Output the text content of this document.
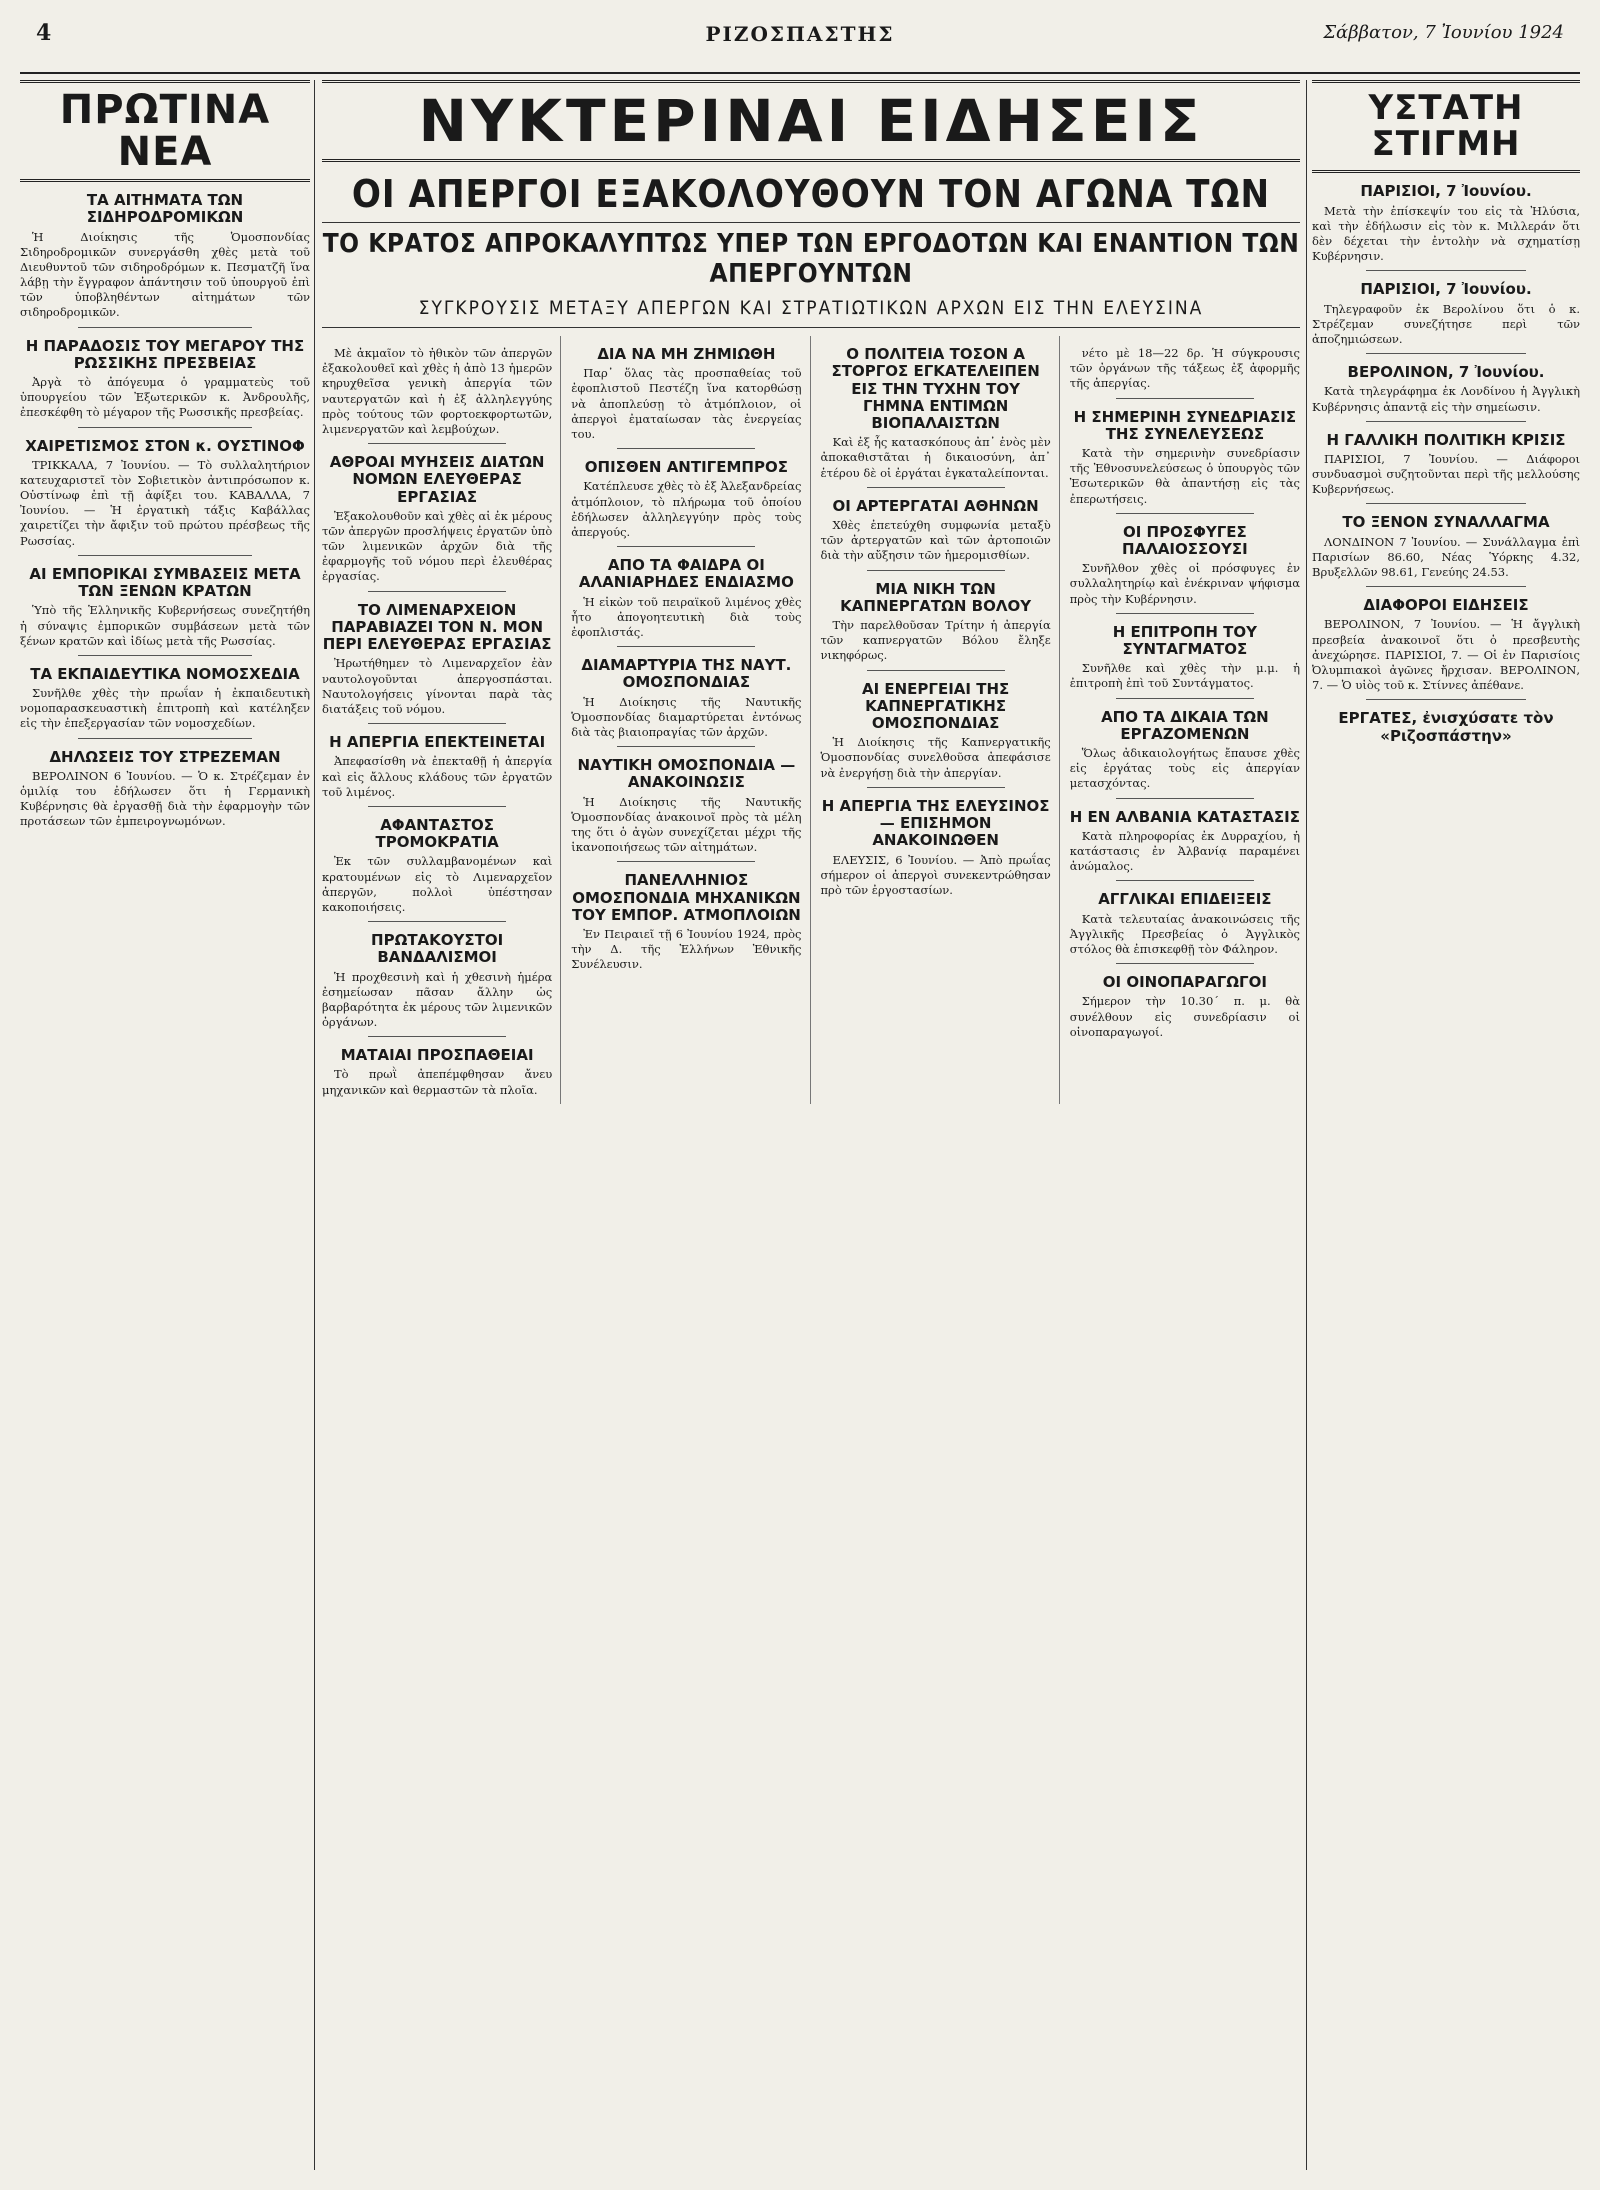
4	ΡΙΖΟΣΠΑΣΤΗΣ	Σάββατον, 7 Ἰουνίου 1924
ΠΡΩΤΙΝΑ ΝΕΑ
ΤΑ ΑΙΤΗΜΑΤΑ ΤΩΝ ΣΙΔΗΡΟΔΡΟΜΙΚΩΝ

Ἡ Διοίκησις τῆς Ὁμοσπονδίας Σιδηροδρομικῶν συνεργάσθη χθὲς μετὰ τοῦ Διευθυντοῦ τῶν σιδηροδρόμων κ. Πεσματζῆ ἵνα λάβῃ τὴν ἔγγραφον ἀπάντησιν τοῦ ὑπουργοῦ ἐπὶ τῶν ὑποβληθέντων αἰτημάτων τῶν σιδηροδρομικῶν.

Η ΠΑΡΑΔΟΣΙΣ ΤΟΥ ΜΕΓΑΡΟΥ ΤΗΣ ΡΩΣΣΙΚΗΣ ΠΡΕΣΒΕΙΑΣ

Ἀργὰ τὸ ἀπόγευμα ὁ γραμματεὺς τοῦ ὑπουργείου τῶν Ἐξωτερικῶν κ. Ἀνδρουλῆς, ἐπεσκέφθη τὸ μέγαρον τῆς Ρωσσικῆς πρεσβείας.

ΧΑΙΡΕΤΙΣΜΟΣ ΣΤΟΝ κ. ΟΥΣΤΙΝΟΦ

ΤΡΙΚΚΑΛΑ, 7 Ἰουνίου. — Τὸ συλλαλητήριον κατευχαριστεῖ τὸν Σοβιετικὸν ἀντιπρόσωπον κ. Οὐστίνωφ ἐπὶ τῇ ἀφίξει του. ΚΑΒΑΛΛΑ, 7 Ἰουνίου. — Ἡ ἐργατικὴ τάξις Καβάλλας χαιρετίζει τὴν ἄφιξιν τοῦ πρώτου πρέσβεως τῆς Ρωσσίας.

ΑΙ ΕΜΠΟΡΙΚΑΙ ΣΥΜΒΑΣΕΙΣ ΜΕΤΑ ΤΩΝ ΞΕΝΩΝ ΚΡΑΤΩΝ

Ὑπὸ τῆς Ἑλληνικῆς Κυβερνήσεως συνεζητήθη ἡ σύναψις ἐμπορικῶν συμβάσεων μετὰ τῶν ξένων κρατῶν καὶ ἰδίως μετὰ τῆς Ρωσσίας.

ΤΑ ΕΚΠΑΙΔΕΥΤΙΚΑ ΝΟΜΟΣΧΕΔΙΑ

Συνῆλθε χθὲς τὴν πρωΐαν ἡ ἐκπαιδευτικὴ νομοπαρασκευαστικὴ ἐπιτροπὴ καὶ κατέληξεν εἰς τὴν ἐπεξεργασίαν τῶν νομοσχεδίων.

ΔΗΛΩΣΕΙΣ ΤΟΥ ΣΤΡΕΖΕΜΑΝ

ΒΕΡΟΛΙΝΟΝ 6 Ἰουνίου. — Ὁ κ. Στρέζεμαν ἐν ὁμιλίᾳ του ἐδήλωσεν ὅτι ἡ Γερμανικὴ Κυβέρνησις θὰ ἐργασθῇ διὰ τὴν ἐφαρμογὴν τῶν προτάσεων τῶν ἐμπειρογνωμόνων.

ΝΥΚΤΕΡΙΝΑΙ ΕΙΔΗΣΕΙΣ
ΟΙ ΑΠΕΡΓΟΙ ΕΞΑΚΟΛΟΥΘΟΥΝ ΤΟΝ ΑΓΩΝΑ ΤΩΝ
ΤΟ ΚΡΑΤΟΣ ΑΠΡΟΚΑΛΥΠΤΩΣ ΥΠΕΡ ΤΩΝ ΕΡΓΟΔΟΤΩΝ ΚΑΙ ΕΝΑΝΤΙΟΝ ΤΩΝ ΑΠΕΡΓΟΥΝΤΩΝ
ΣΥΓΚΡΟΥΣΙΣ ΜΕΤΑΞΥ ΑΠΕΡΓΩΝ ΚΑΙ ΣΤΡΑΤΙΩΤΙΚΩΝ ΑΡΧΩΝ ΕΙΣ ΤΗΝ ΕΛΕΥΣΙΝΑ

Μὲ ἀκμαῖον τὸ ἠθικὸν τῶν ἀπεργῶν ἐξακολουθεῖ καὶ χθὲς ἡ ἀπὸ 13 ἡμερῶν κηρυχθεῖσα γενικὴ ἀπεργία τῶν ναυτεργατῶν καὶ ἡ ἐξ ἀλληλεγγύης πρὸς τούτους τῶν φορτοεκφορτωτῶν, λιμενεργατῶν καὶ λεμβούχων.

ΑΘΡΟΑΙ ΜΥΗΣΕΙΣ ΔΙΑΤΩΝ ΝΟΜΩΝ ΕΛΕΥΘΕΡΑΣ ΕΡΓΑΣΙΑΣ

Ἐξακολουθοῦν καὶ χθὲς αἱ ἐκ μέρους τῶν ἀπεργῶν προσλήψεις ἐργατῶν ὑπὸ τῶν λιμενικῶν ἀρχῶν διὰ τῆς ἐφαρμογῆς τοῦ νόμου περὶ ἐλευθέρας ἐργασίας.

ΤΟ ΛΙΜΕΝΑΡΧΕΙΟΝ ΠΑΡΑΒΙΑΖΕΙ ΤΟΝ Ν. ΜΟΝ ΠΕΡΙ ΕΛΕΥΘΕΡΑΣ ΕΡΓΑΣΙΑΣ

Ἠρωτήθημεν τὸ Λιμεναρχεῖον ἐὰν ναυτολογοῦνται ἀπεργοσπάσται. Ναυτολογήσεις γίνονται παρὰ τὰς διατάξεις τοῦ νόμου.

Η ΑΠΕΡΓΙΑ ΕΠΕΚΤΕΙΝΕΤΑΙ

Ἀπεφασίσθη νὰ ἐπεκταθῇ ἡ ἀπεργία καὶ εἰς ἄλλους κλάδους τῶν ἐργατῶν τοῦ λιμένος.

ΑΦΑΝΤΑΣΤΟΣ ΤΡΟΜΟΚΡΑΤΙΑ

Ἐκ τῶν συλλαμβανομένων καὶ κρατουμένων εἰς τὸ Λιμεναρχεῖον ἀπεργῶν, πολλοὶ ὑπέστησαν κακοποιήσεις.

ΠΡΩΤΑΚΟΥΣΤΟΙ ΒΑΝΔΑΛΙΣΜΟΙ

Ἡ προχθεσινὴ καὶ ἡ χθεσινὴ ἡμέρα ἐσημείωσαν πᾶσαν ἄλλην ὡς βαρβαρότητα ἐκ μέρους τῶν λιμενικῶν ὀργάνων.

ΜΑΤΑΙΑΙ ΠΡΟΣΠΑΘΕΙΑΙ

Τὸ πρωῒ ἀπεπέμφθησαν ἄνευ μηχανικῶν καὶ θερμαστῶν τὰ πλοῖα.

ΔΙΑ ΝΑ ΜΗ ΖΗΜΙΩΘΗ

Παρ᾽ ὅλας τὰς προσπαθείας τοῦ ἐφοπλιστοῦ Πεστέζη ἵνα κατορθώσῃ νὰ ἀποπλεύσῃ τὸ ἀτμόπλοιον, οἱ ἀπεργοὶ ἐματαίωσαν τὰς ἐνεργείας του.

ΟΠΙΣΘΕΝ ΑΝΤΙΓΕΜΠΡΟΣ

Κατέπλευσε χθὲς τὸ ἐξ Ἀλεξανδρείας ἀτμόπλοιον, τὸ πλήρωμα τοῦ ὁποίου ἐδήλωσεν ἀλληλεγγύην πρὸς τοὺς ἀπεργούς.

ΑΠΟ ΤΑ ΦΑΙΔΡΑ ΟΙ ΑΛΑΝΙΑΡΗΔΕΣ ΕΝΔΙΑΣΜΟ

Ἡ εἰκὼν τοῦ πειραϊκοῦ λιμένος χθὲς ἦτο ἀπογοητευτικὴ διὰ τοὺς ἐφοπλιστάς.

ΔΙΑΜΑΡΤΥΡΙΑ ΤΗΣ ΝΑΥΤ. ΟΜΟΣΠΟΝΔΙΑΣ

Ἡ Διοίκησις τῆς Ναυτικῆς Ὁμοσπονδίας διαμαρτύρεται ἐντόνως διὰ τὰς βιαιοπραγίας τῶν ἀρχῶν.

ΝΑΥΤΙΚΗ ΟΜΟΣΠΟΝΔΙΑ — ΑΝΑΚΟΙΝΩΣΙΣ

Ἡ Διοίκησις τῆς Ναυτικῆς Ὁμοσπονδίας ἀνακοινοῖ πρὸς τὰ μέλη της ὅτι ὁ ἀγὼν συνεχίζεται μέχρι τῆς ἱκανοποιήσεως τῶν αἰτημάτων.

ΠΑΝΕΛΛΗΝΙΟΣ ΟΜΟΣΠΟΝΔΙΑ ΜΗΧΑΝΙΚΩΝ ΤΟΥ ΕΜΠΟΡ. ΑΤΜΟΠΛΟΙΩΝ

Ἐν Πειραιεῖ τῇ 6 Ἰουνίου 1924, πρὸς τὴν Δ. τῆς Ἑλλήνων Ἐθνικῆς Συνέλευσιν.

Ο ΠΟΛΙΤΕΙΑ ΤΟΣΟΝ Α ΣΤΟΡΓΟΣ ΕΓΚΑΤΕΛΕΙΠΕΝ ΕΙΣ ΤΗΝ ΤΥΧΗΝ ΤΟΥ ΓΗΜΝΑ ΕΝΤΙΜΩΝ ΒΙΟΠΑΛΑΙΣΤΩΝ

Καὶ ἐξ ἧς κατασκόπους ἀπ᾽ ἐνὸς μὲν ἀποκαθιστᾶται ἡ δικαιοσύνη, ἀπ᾽ ἑτέρου δὲ οἱ ἐργάται ἐγκαταλείπονται.

ΟΙ ΑΡΤΕΡΓΑΤΑΙ ΑΘΗΝΩΝ

Χθὲς ἐπετεύχθη συμφωνία μεταξὺ τῶν ἀρτεργατῶν καὶ τῶν ἀρτοποιῶν διὰ τὴν αὔξησιν τῶν ἡμερομισθίων.

ΜΙΑ ΝΙΚΗ ΤΩΝ ΚΑΠΝΕΡΓΑΤΩΝ ΒΟΛΟΥ

Τὴν παρελθοῦσαν Τρίτην ἡ ἀπεργία τῶν καπνεργατῶν Βόλου ἔληξε νικηφόρως.

ΑΙ ΕΝΕΡΓΕΙΑΙ ΤΗΣ ΚΑΠΝΕΡΓΑΤΙΚΗΣ ΟΜΟΣΠΟΝΔΙΑΣ

Ἡ Διοίκησις τῆς Καπνεργατικῆς Ὁμοσπονδίας συνελθοῦσα ἀπεφάσισε νὰ ἐνεργήσῃ διὰ τὴν ἀπεργίαν.

Η ΑΠΕΡΓΙΑ ΤΗΣ ΕΛΕΥΣΙΝΟΣ — ΕΠΙΣΗΜΟΝ ΑΝΑΚΟΙΝΩΘΕΝ

ΕΛΕΥΣΙΣ, 6 Ἰουνίου. — Ἀπὸ πρωΐας σήμερον οἱ ἀπεργοὶ συνεκεντρώθησαν πρὸ τῶν ἐργοστασίων.

νέτο μὲ 18—22 δρ. Ἡ σύγκρουσις τῶν ὀργάνων τῆς τάξεως ἐξ ἀφορμῆς τῆς ἀπεργίας.

Η ΣΗΜΕΡΙΝΗ ΣΥΝΕΔΡΙΑΣΙΣ ΤΗΣ ΣΥΝΕΛΕΥΣΕΩΣ

Κατὰ τὴν σημερινὴν συνεδρίασιν τῆς Ἐθνοσυνελεύσεως ὁ ὑπουργὸς τῶν Ἐσωτερικῶν θὰ ἀπαντήσῃ εἰς τὰς ἐπερωτήσεις.

ΟΙ ΠΡΟΣΦΥΓΕΣ ΠΑΛΑΙΟΣΣΟΥΣΙ

Συνῆλθον χθὲς οἱ πρόσφυγες ἐν συλλαλητηρίῳ καὶ ἐνέκριναν ψήφισμα πρὸς τὴν Κυβέρνησιν.

Η ΕΠΙΤΡΟΠΗ ΤΟΥ ΣΥΝΤΑΓΜΑΤΟΣ

Συνῆλθε καὶ χθὲς τὴν μ.μ. ἡ ἐπιτροπὴ ἐπὶ τοῦ Συντάγματος.

ΑΠΟ ΤΑ ΔΙΚΑΙΑ ΤΩΝ ΕΡΓΑΖΟΜΕΝΩΝ

Ὅλως ἀδικαιολογήτως ἔπαυσε χθὲς εἰς ἐργάτας τοὺς εἰς ἀπεργίαν μετασχόντας.

Η ΕΝ ΑΛΒΑΝΙΑ ΚΑΤΑΣΤΑΣΙΣ

Κατὰ πληροφορίας ἐκ Δυρραχίου, ἡ κατάστασις ἐν Ἀλβανίᾳ παραμένει ἀνώμαλος.

ΑΓΓΛΙΚΑΙ ΕΠΙΔΕΙΞΕΙΣ

Κατὰ τελευταίας ἀνακοινώσεις τῆς Ἀγγλικῆς Πρεσβείας ὁ Ἀγγλικὸς στόλος θὰ ἐπισκεφθῇ τὸν Φάληρον.

ΟΙ ΟΙΝΟΠΑΡΑΓΩΓΟΙ

Σήμερον τὴν 10.30΄ π. μ. θὰ συνέλθουν εἰς συνεδρίασιν οἱ οἰνοπαραγωγοί.

ΥΣΤΑΤΗ ΣΤΙΓΜΗ
ΠΑΡΙΣΙΟΙ, 7 Ἰουνίου.

Μετὰ τὴν ἐπίσκεψίν του εἰς τὰ Ἠλύσια, καὶ τὴν ἐδήλωσιν εἰς τὸν κ. Μιλλεράν ὅτι δὲν δέχεται τὴν ἐντολὴν νὰ σχηματίσῃ Κυβέρνησιν.

ΠΑΡΙΣΙΟΙ, 7 Ἰουνίου.

Τηλεγραφοῦν ἐκ Βερολίνου ὅτι ὁ κ. Στρέζεμαν συνεζήτησε περὶ τῶν ἀποζημιώσεων.

ΒΕΡΟΛΙΝΟΝ, 7 Ἰουνίου.

Κατὰ τηλεγράφημα ἐκ Λονδίνου ἡ Ἀγγλικὴ Κυβέρνησις ἀπαντᾷ εἰς τὴν σημείωσιν.

Η ΓΑΛΛΙΚΗ ΠΟΛΙΤΙΚΗ ΚΡΙΣΙΣ

ΠΑΡΙΣΙΟΙ, 7 Ἰουνίου. — Διάφοροι συνδυασμοὶ συζητοῦνται περὶ τῆς μελλούσης Κυβερνήσεως.

ΤΟ ΞΕΝΟΝ ΣΥΝΑΛΛΑΓΜΑ

ΛΟΝΔΙΝΟΝ 7 Ἰουνίου. — Συνάλλαγμα ἐπὶ Παρισίων 86.60, Νέας Ὑόρκης 4.32, Βρυξελλῶν 98.61, Γενεύης 24.53.

ΔΙΑΦΟΡΟΙ ΕΙΔΗΣΕΙΣ

ΒΕΡΟΛΙΝΟΝ, 7 Ἰουνίου. — Ἡ ἄγγλικὴ πρεσβεία ἀνακοινοῖ ὅτι ὁ πρεσβευτὴς ἀνεχώρησε. ΠΑΡΙΣΙΟΙ, 7. — Οἱ ἐν Παρισίοις Ὀλυμπιακοὶ ἀγῶνες ἤρχισαν. ΒΕΡΟΛΙΝΟΝ, 7. — Ὁ υἱὸς τοῦ κ. Στίννες ἀπέθανε.

ΕΡΓΑΤΕΣ, ἐνισχύσατε τὸν «Ριζοσπάστην»
